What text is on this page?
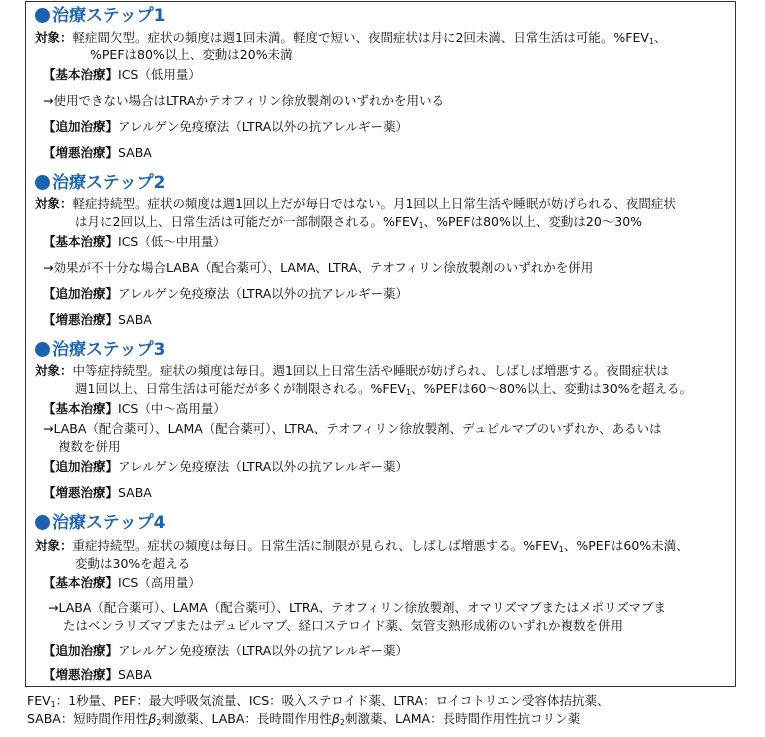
治療ステップ1
対象：軽症間欠型。症状の頻度は週1回未満。軽度で短い、夜間症状は月に2回未満、日常生活は可能。$\%FEV_1$、
%PEFは80%以上、変動は20%未満
【基本治療】ICS（低用量）
→使用できない場合はLTRAかテオフィリン徐放製剤のいずれかを用いる
【追加治療】アレルゲン免疫療法（LTRA以外の抗アレルギー薬）
【増悪治療】SABA
治療ステップ2
対象：軽症持続型。症状の頻度は週1回以上だが毎日ではない。月1回以上日常生活や睡眠が妨げられる、夜間症状
は月に2回以上、日常生活は可能だが一部制限される。$\%FEV_1$、%PEFは80%以上、変動は20〜30%
【基本治療】ICS（低〜中用量）
→効果が不十分な場合LABA（配合薬可）、LAMA、LTRA、テオフィリン徐放製剤のいずれかを併用
【追加治療】アレルゲン免疫療法（LTRA以外の抗アレルギー薬）
【増悪治療】SABA
治療ステップ3
対象：中等症持続型。症状の頻度は毎日。週1回以上日常生活や睡眠が妨げられ、しばしば増悪する。夜間症状は
週1回以上、日常生活は可能だが多くが制限される。$\%FEV_1$、%PEFは60〜80%以上、変動は30%を超える。
【基本治療】ICS（中〜高用量）
→LABA（配合薬可）、LAMA（配合薬可）、LTRA、テオフィリン徐放製剤、デュピルマブのいずれか、あるいは
複数を併用
【追加治療】アレルゲン免疫療法（LTRA以外の抗アレルギー薬）
【増悪治療】SABA
治療ステップ4
対象：重症持続型。症状の頻度は毎日。日常生活に制限が見られ、しばしば増悪する。$\%FEV_1$、%PEFは60%未満、
変動は30%を超える
【基本治療】ICS（高用量）
→LABA（配合薬可）、LAMA（配合薬可）、LTRA、テオフィリン徐放製剤、オマリズマブまたはメポリズマブま
たはベンラリズマブまたはデュピルマブ、経口ステロイド薬、気管支熱形成術のいずれか複数を併用
【追加治療】アレルゲン免疫療法（LTRA以外の抗アレルギー薬）
【増悪治療】SABA
$FEV_1$：1秒量、PEF：最大呼吸気流量、ICS：吸入ステロイド薬、LTRA：ロイコトリエン受容体拮抗薬、
SABA：短時間作用性$\beta_2$刺激薬、LABA：長時間作用性$\beta_2$刺激薬、LAMA：長時間作用性抗コリン薬
